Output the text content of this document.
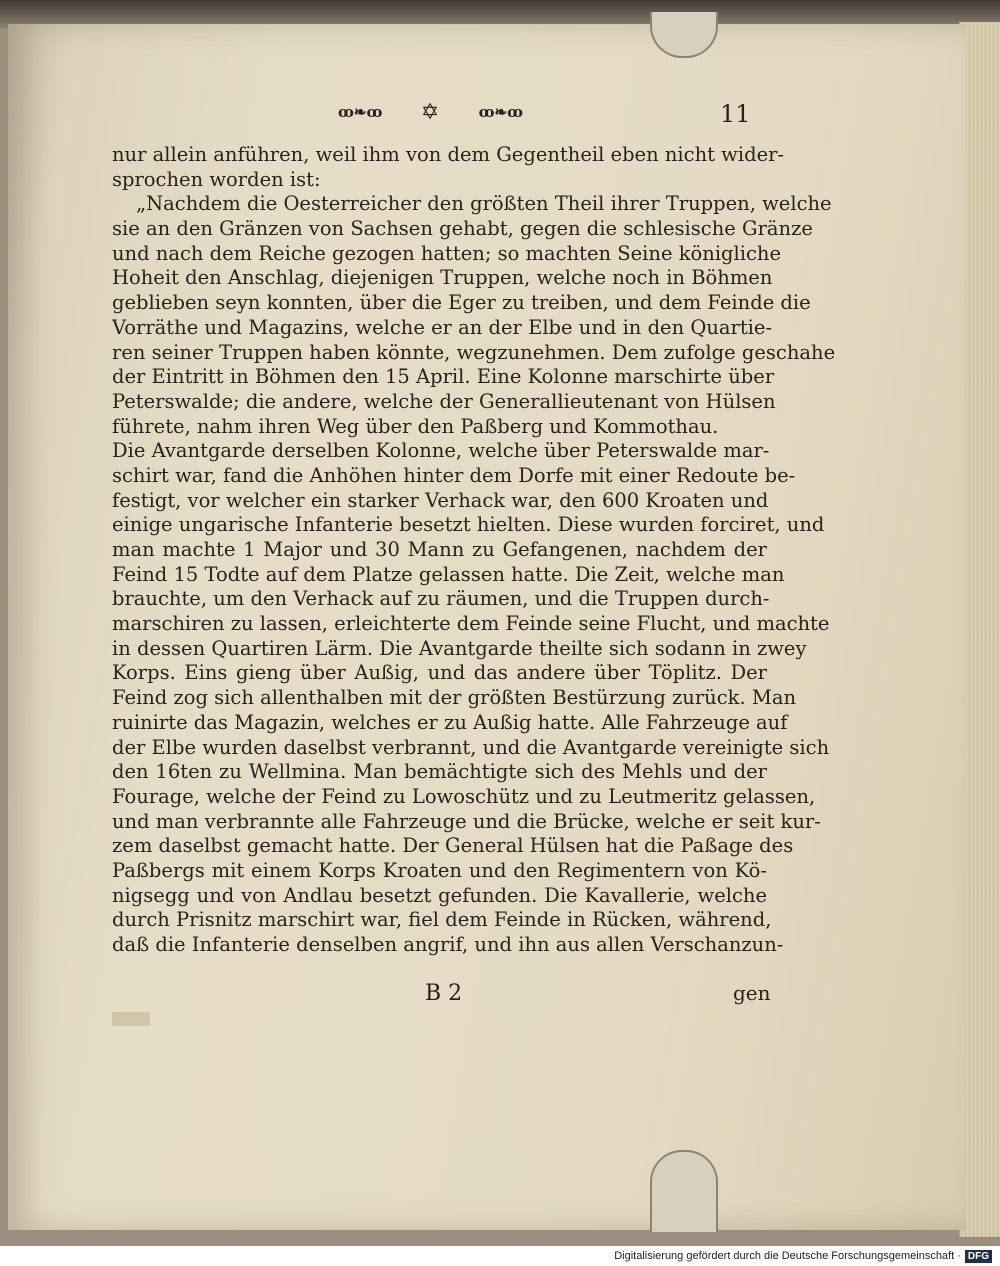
ꝏ❧ꝏ ✡	ꝏ❧ꝏ	11
nur allein anführen, weil ihm von dem Gegentheil eben nicht wider-
sprochen worden ist:
„Nachdem die Oesterreicher den größten Theil ihrer Truppen, welche
sie an den Gränzen von Sachsen gehabt, gegen die schlesische Gränze
und nach dem Reiche gezogen hatten; so machten Seine königliche
Hoheit den Anschlag, diejenigen Truppen, welche noch in Böhmen
geblieben seyn konnten, über die Eger zu treiben, und dem Feinde die
Vorräthe und Magazins, welche er an der Elbe und in den Quartie-
ren seiner Truppen haben könnte, wegzunehmen. Dem zufolge geschahe
der Eintritt in Böhmen den 15 April. Eine Kolonne marschirte über
Peterswalde; die andere, welche der Generallieutenant von Hülsen
führete, nahm ihren Weg über den Paßberg und Kommothau.
Die Avantgarde derselben Kolonne, welche über Peterswalde mar-
schirt war, fand die Anhöhen hinter dem Dorfe mit einer Redoute be-
festigt, vor welcher ein starker Verhack war, den 600 Kroaten und
einige ungarische Infanterie besetzt hielten. Diese wurden forciret, und
man machte 1 Major und 30 Mann zu Gefangenen, nachdem der
Feind 15 Todte auf dem Platze gelassen hatte. Die Zeit, welche man
brauchte, um den Verhack auf zu räumen, und die Truppen durch-
marschiren zu lassen, erleichterte dem Feinde seine Flucht, und machte
in dessen Quartiren Lärm. Die Avantgarde theilte sich sodann in zwey
Korps. Eins gieng über Außig, und das andere über Töplitz. Der
Feind zog sich allenthalben mit der größten Bestürzung zurück. Man
ruinirte das Magazin, welches er zu Außig hatte. Alle Fahrzeuge auf
der Elbe wurden daselbst verbrannt, und die Avantgarde vereinigte sich
den 16ten zu Wellmina. Man bemächtigte sich des Mehls und der
Fourage, welche der Feind zu Lowoschütz und zu Leutmeritz gelassen,
und man verbrannte alle Fahrzeuge und die Brücke, welche er seit kur-
zem daselbst gemacht hatte. Der General Hülsen hat die Paßage des
Paßbergs mit einem Korps Kroaten und den Regimentern von Kö-
nigsegg und von Andlau besetzt gefunden. Die Kavallerie, welche
durch Prisnitz marschirt war, fiel dem Feinde in Rücken, während,
daß die Infanterie denselben angrif, und ihn aus allen Verschanzun-
B 2	gen
Digitalisierung gefördert durch die Deutsche Forschungsgemeinschaft · DFG
